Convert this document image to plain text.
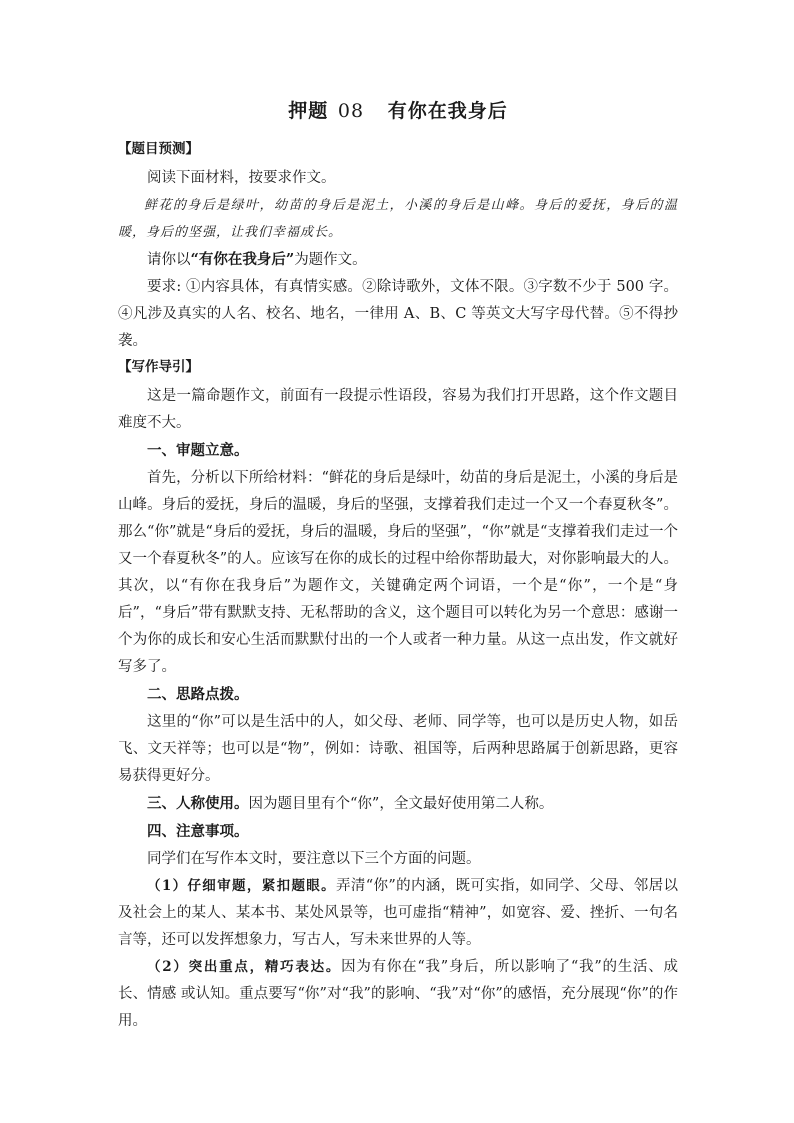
押题 08 有你在我身后
【题目预测】

阅读下面材料，按要求作文。

鲜花的身后是绿叶，幼苗的身后是泥土，小溪的身后是山峰。身后的爱抚，身后的温暖，身后的坚强，让我们幸福成长。

请你以“有你在我身后”为题作文。

要求: ①内容具体，有真情实感。②除诗歌外，文体不限。③字数不少于 500 字。④凡涉及真实的人名、校名、地名，一律用 A、B、C 等英文大写字母代替。⑤不得抄袭。

【写作导引】

这是一篇命题作文，前面有一段提示性语段，容易为我们打开思路，这个作文题目难度不大。

一、审题立意。

首先，分析以下所给材料：“鲜花的身后是绿叶，幼苗的身后是泥土，小溪的身后是山峰。身后的爱抚，身后的温暖，身后的坚强，支撑着我们走过一个又一个春夏秋冬”。那么“你”就是“身后的爱抚，身后的温暖，身后的坚强”，“你”就是“支撑着我们走过一个又一个春夏秋冬”的人。应该写在你的成长的过程中给你帮助最大，对你影响最大的人。其次，以“有你在我身后”为题作文，关键确定两个词语，一个是“你”，一个是“身后”，“身后”带有默默支持、无私帮助的含义，这个题目可以转化为另一个意思：感谢一个为你的成长和安心生活而默默付出的一个人或者一种力量。从这一点出发，作文就好写多了。

二、思路点拨。

这里的“你”可以是生活中的人，如父母、老师、同学等，也可以是历史人物，如岳飞、文天祥等；也可以是“物”，例如：诗歌、祖国等，后两种思路属于创新思路，更容易获得更好分。

三、人称使用。因为题目里有个“你”，全文最好使用第二人称。

四、注意事项。

同学们在写作本文时，要注意以下三个方面的问题。

（1）仔细审题，紧扣题眼。弄清“你”的内涵，既可实指，如同学、父母、邻居以及社会上的某人、某本书、某处风景等，也可虚指“精神”，如宽容、爱、挫折、一句名言等，还可以发挥想象力，写古人，写未来世界的人等。

（2）突出重点，精巧表达。因为有你在“我”身后，所以影响了“我”的生活、成长、情感 或认知。重点要写“你”对“我”的影响、“我”对“你”的感悟，充分展现“你”的作用。
